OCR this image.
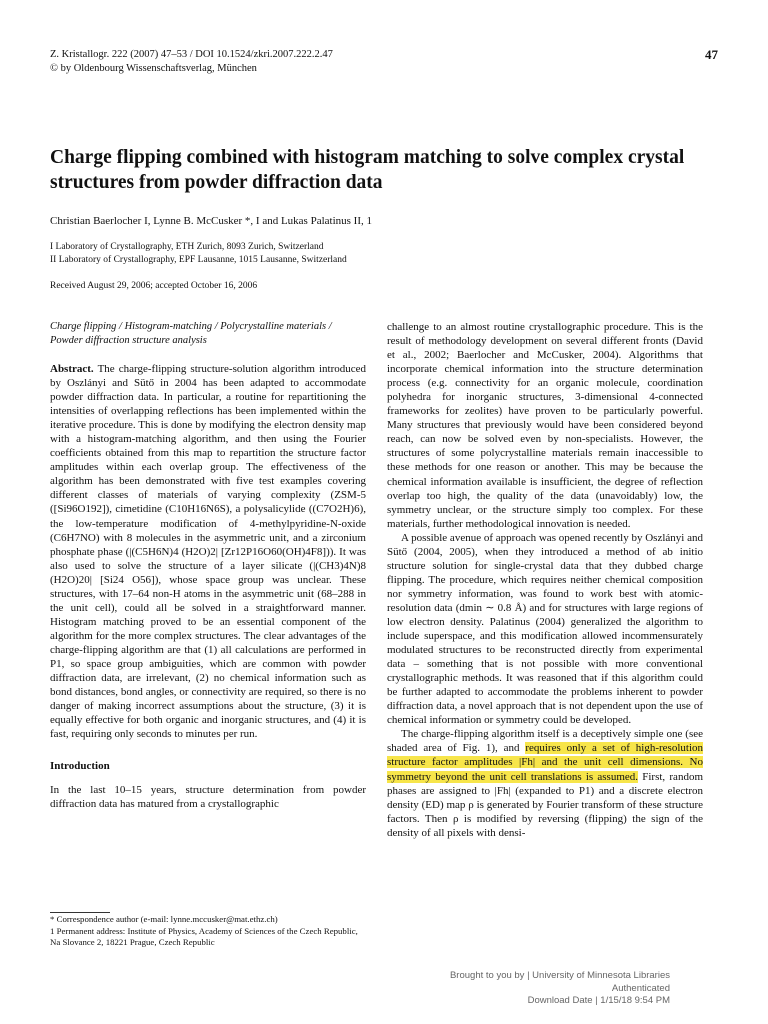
Z. Kristallogr. 222 (2007) 47–53 / DOI 10.1524/zkri.2007.222.2.47
© by Oldenbourg Wissenschaftsverlag, München
47
Charge flipping combined with histogram matching to solve complex crystal structures from powder diffraction data
Christian Baerlocher I, Lynne B. McCusker *, I and Lukas Palatinus II, 1
I Laboratory of Crystallography, ETH Zurich, 8093 Zurich, Switzerland
II Laboratory of Crystallography, EPF Lausanne, 1015 Lausanne, Switzerland
Received August 29, 2006; accepted October 16, 2006
Charge flipping / Histogram-matching / Polycrystalline materials / Powder diffraction structure analysis
Abstract. The charge-flipping structure-solution algorithm introduced by Oszlányi and Sütő in 2004 has been adapted to accommodate powder diffraction data. In particular, a routine for repartitioning the intensities of overlapping reflections has been implemented within the iterative procedure. This is done by modifying the electron density map with a histogram-matching algorithm, and then using the Fourier coefficients obtained from this map to repartition the structure factor amplitudes within each overlap group. The effectiveness of the algorithm has been demonstrated with five test examples covering different classes of materials of varying complexity (ZSM-5 ([Si96O192]), cimetidine (C10H16N6S), a polysalicylide ((C7O2H)6), the low-temperature modification of 4-methylpyridine-N-oxide (C6H7NO) with 8 molecules in the asymmetric unit, and a zirconium phosphate phase (|(C5H6N)4 (H2O)2| [Zr12P16O60(OH)4F8])). It was also used to solve the structure of a layer silicate (|(CH3)4N)8 (H2O)20| [Si24 O56]), whose space group was unclear. These structures, with 17–64 non-H atoms in the asymmetric unit (68–288 in the unit cell), could all be solved in a straightforward manner. Histogram matching proved to be an essential component of the algorithm for the more complex structures. The clear advantages of the charge-flipping algorithm are that (1) all calculations are performed in P1, so space group ambiguities, which are common with powder diffraction data, are irrelevant, (2) no chemical information such as bond distances, bond angles, or connectivity are required, so there is no danger of making incorrect assumptions about the structure, (3) it is equally effective for both organic and inorganic structures, and (4) it is fast, requiring only seconds to minutes per run.
Introduction
In the last 10–15 years, structure determination from powder diffraction data has matured from a crystallographic

challenge to an almost routine crystallographic procedure. This is the result of methodology development on several different fronts (David et al., 2002; Baerlocher and McCusker, 2004). Algorithms that incorporate chemical information into the structure determination process (e.g. connectivity for an organic molecule, coordination polyhedra for inorganic structures, 3-dimensional 4-connected frameworks for zeolites) have proven to be particularly powerful. Many structures that previously would have been considered beyond reach, can now be solved even by non-specialists. However, the structures of some polycrystalline materials remain inaccessible to these methods for one reason or another. This may be because the chemical information available is insufficient, the degree of reflection overlap too high, the quality of the data (unavoidably) low, the symmetry unclear, or the structure simply too complex. For these materials, further methodological innovation is needed.

A possible avenue of approach was opened recently by Oszlányi and Sütő (2004, 2005), when they introduced a method of ab initio structure solution for single-crystal data that they dubbed charge flipping. The procedure, which requires neither chemical composition nor symmetry information, was found to work best with atomic-resolution data (dmin ∼ 0.8 Å) and for structures with large regions of low electron density. Palatinus (2004) generalized the algorithm to include superspace, and this modification allowed incommensurately modulated structures to be reconstructed directly from experimental data – something that is not possible with more conventional crystallographic methods. It was reasoned that if this algorithm could be further adapted to accommodate the problems inherent to powder diffraction data, a novel approach that is not dependent upon the use of chemical information or symmetry could be developed.

The charge-flipping algorithm itself is a deceptively simple one (see shaded area of Fig. 1), and requires only a set of high-resolution structure factor amplitudes |Fh| and the unit cell dimensions. No symmetry beyond the unit cell translations is assumed. First, random phases are assigned to |Fh| (expanded to P1) and a discrete electron density (ED) map ρ is generated by Fourier transform of these structure factors. Then ρ is modified by reversing (flipping) the sign of the density of all pixels with densi-

* Correspondence author (e-mail: lynne.mccusker@mat.ethz.ch)

1 Permanent address: Institute of Physics, Academy of Sciences of the Czech Republic, Na Slovance 2, 18221 Prague, Czech Republic

Brought to you by | University of Minnesota Libraries
Authenticated
Download Date | 1/15/18 9:54 PM
